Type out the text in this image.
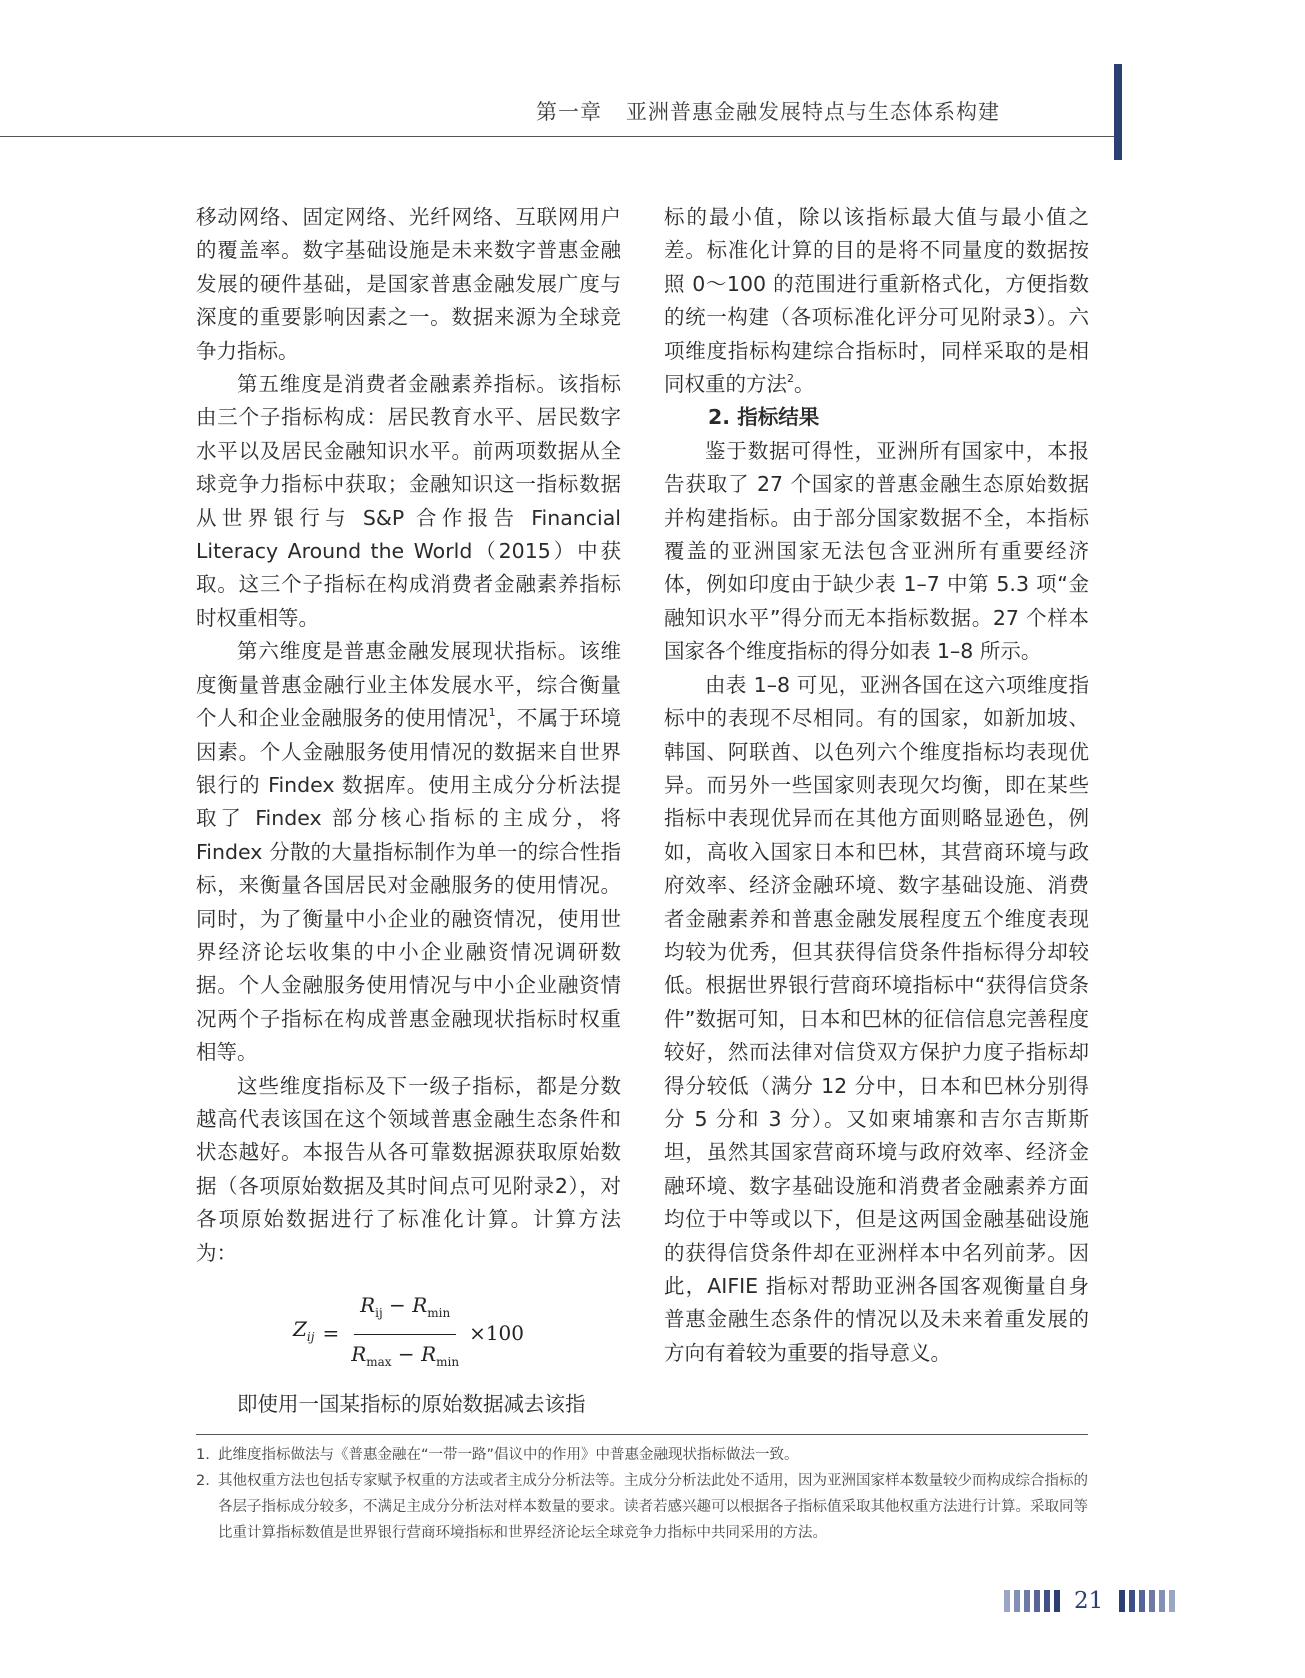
第一章 亚洲普惠金融发展特点与生态体系构建

移动网络、固定网络、光纤网络、互联网用户的覆盖率。数字基础设施是未来数字普惠金融发展的硬件基础，是国家普惠金融发展广度与深度的重要影响因素之一。数据来源为全球竞争力指标。

第五维度是消费者金融素养指标。该指标由三个子指标构成：居民教育水平、居民数字水平以及居民金融知识水平。前两项数据从全球竞争力指标中获取；金融知识这一指标数据从世界银行与 S&P 合作报告 Financial Literacy Around the World（2015）中获取。这三个子指标在构成消费者金融素养指标时权重相等。

第六维度是普惠金融发展现状指标。该维度衡量普惠金融行业主体发展水平，综合衡量个人和企业金融服务的使用情况$^1$，不属于环境因素。个人金融服务使用情况的数据来自世界银行的 Findex 数据库。使用主成分分析法提取了 Findex 部分核心指标的主成分，将 Findex 分散的大量指标制作为单一的综合性指标，来衡量各国居民对金融服务的使用情况。同时，为了衡量中小企业的融资情况，使用世界经济论坛收集的中小企业融资情况调研数据。个人金融服务使用情况与中小企业融资情况两个子指标在构成普惠金融现状指标时权重相等。

这些维度指标及下一级子指标，都是分数越高代表该国在这个领域普惠金融生态条件和状态越好。本报告从各可靠数据源获取原始数据（各项原始数据及其时间点可见附录2），对各项原始数据进行了标准化计算。计算方法为：

$Z_{ij} = \frac{R_{ij} - R_{min}}{R_{max} - R_{min}} \times 100$

即使用一国某指标的原始数据减去该指

标的最小值，除以该指标最大值与最小值之差。标准化计算的目的是将不同量度的数据按照 0～100 的范围进行重新格式化，方便指数的统一构建（各项标准化评分可见附录3）。六项维度指标构建综合指标时，同样采取的是相同权重的方法$^2$。

2. 指标结果

鉴于数据可得性，亚洲所有国家中，本报告获取了 27 个国家的普惠金融生态原始数据并构建指标。由于部分国家数据不全，本指标覆盖的亚洲国家无法包含亚洲所有重要经济体，例如印度由于缺少表 1–7 中第 5.3 项“金融知识水平”得分而无本指标数据。27 个样本国家各个维度指标的得分如表 1–8 所示。

由表 1–8 可见，亚洲各国在这六项维度指标中的表现不尽相同。有的国家，如新加坡、韩国、阿联酋、以色列六个维度指标均表现优异。而另外一些国家则表现欠均衡，即在某些指标中表现优异而在其他方面则略显逊色，例如，高收入国家日本和巴林，其营商环境与政府效率、经济金融环境、数字基础设施、消费者金融素养和普惠金融发展程度五个维度表现均较为优秀，但其获得信贷条件指标得分却较低。根据世界银行营商环境指标中“获得信贷条件”数据可知，日本和巴林的征信信息完善程度较好，然而法律对信贷双方保护力度子指标却得分较低（满分 12 分中，日本和巴林分别得分 5 分和 3 分）。又如柬埔寨和吉尔吉斯斯坦，虽然其国家营商环境与政府效率、经济金融环境、数字基础设施和消费者金融素养方面均位于中等或以下，但是这两国金融基础设施的获得信贷条件却在亚洲样本中名列前茅。因此，AIFIE 指标对帮助亚洲各国客观衡量自身普惠金融生态条件的情况以及未来着重发展的方向有着较为重要的指导意义。

1. 此维度指标做法与《普惠金融在“一带一路”倡议中的作用》中普惠金融现状指标做法一致。
2. 其他权重方法也包括专家赋予权重的方法或者主成分分析法等。主成分分析法此处不适用，因为亚洲国家样本数量较少而构成综合指标的各层子指标成分较多，不满足主成分分析法对样本数量的要求。读者若感兴趣可以根据各子指标值采取其他权重方法进行计算。采取同等比重计算指标数值是世界银行营商环境指标和世界经济论坛全球竞争力指标中共同采用的方法。
21
